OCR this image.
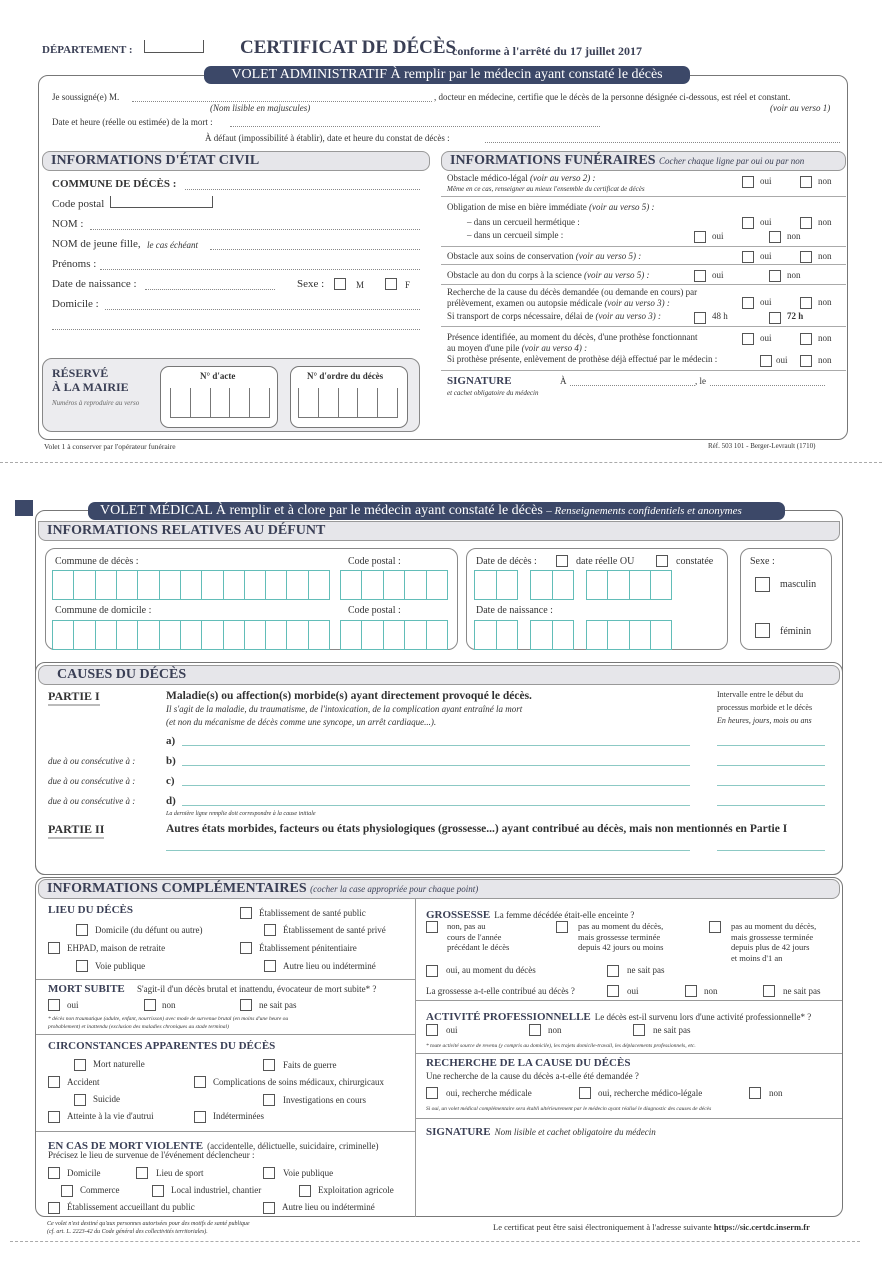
DÉPARTEMENT :	CERTIFICAT DE DÉCÈS
conforme à l'arrêté du 17 juillet 2017
VOLET ADMINISTRATIF À remplir par le médecin ayant constaté le décès
Je soussigné(e) M.	, docteur en médecine, certifie que le décès de la personne désignée ci-dessous, est réel et constant.
(Nom lisible en majuscules)	(voir au verso 1)
Date et heure (réelle ou estimée) de la mort :
À défaut (impossibilité à établir), date et heure du constat de décès :
INFORMATIONS D'ÉTAT CIVIL
COMMUNE DE DÉCÈS :
Code postal
NOM :
NOM de jeune fille, le cas échéant
Prénoms :
Date de naissance :	Sexe :	M	F
Domicile :
RÉSERVÉ
À LA MAIRIE
Numéros à reproduire au verso
N° d'acte	N° d'ordre du décès
INFORMATIONS FUNÉRAIRES Cocher chaque ligne par oui ou par non
Obstacle médico-légal (voir au verso 2) :
Même en ce cas, renseigner au mieux l'ensemble du certificat de décès
oui	non
Obligation de mise en bière immédiate (voir au verso 5) :
– dans un cercueil hermétique :	oui	non
– dans un cercueil simple :	oui	non
Obstacle aux soins de conservation (voir au verso 5) :	oui	non
Obstacle au don du corps à la science (voir au verso 5) :	oui	non
Recherche de la cause du décès demandée (ou demande en cours) par
prélèvement, examen ou autopsie médicale (voir au verso 3) :	oui	non
Si transport de corps nécessaire, délai de (voir au verso 3) :	48 h	72 h
Présence identifiée, au moment du décès, d'une prothèse fonctionnant
au moyen d'une pile (voir au verso 4) :
oui	non
Si prothèse présente, enlèvement de prothèse déjà effectué par le médecin :	oui	non
SIGNATURE	À	, le
et cachet obligatoire du médecin
Volet 1 à conserver par l'opérateur funéraire	Réf. 503 101 - Berger-Levrault (1710)
VOLET MÉDICAL À remplir et à clore par le médecin ayant constaté le décès – Renseignements confidentiels et anonymes
INFORMATIONS RELATIVES AU DÉFUNT
Commune de décès :	Code postal :
Commune de domicile :	Code postal :
Date de décès :	date réelle OU	constatée
Date de naissance :
Sexe :
masculin
féminin
CAUSES DU DÉCÈS
PARTIE I	Maladie(s) ou affection(s) morbide(s) ayant directement provoqué le décès.
Il s'agit de la maladie, du traumatisme, de l'intoxication, de la complication ayant entraîné la mort
(et non du mécanisme de décès comme une syncope, un arrêt cardiaque...).
Intervalle entre le début du
processus morbide et le décès
En heures, jours, mois ou ans
a)
due à ou consécutive à :	b)
due à ou consécutive à :	c)
due à ou consécutive à :	d)
La dernière ligne remplie doit correspondre à la cause initiale
PARTIE II	Autres états morbides, facteurs ou états physiologiques (grossesse...) ayant contribué au décès, mais non mentionnés en Partie I
INFORMATIONS COMPLÉMENTAIRES (cocher la case appropriée pour chaque point)
LIEU DU DÉCÈS	Établissement de santé public
Domicile (du défunt ou autre)	Établissement de santé privé
EHPAD, maison de retraite	Établissement pénitentiaire
Voie publique	Autre lieu ou indéterminé
MORT SUBITE S'agit-il d'un décès brutal et inattendu, évocateur de mort subite* ?
oui	non	ne sait pas
* décès non traumatique (adulte, enfant, nourrisson) avec mode de survenue brutal (en moins d'une heure ou
probablement) et inattendu (exclusion des maladies chroniques au stade terminal)
CIRCONSTANCES APPARENTES DU DÉCÈS
Mort naturelle	Faits de guerre
Accident	Complications de soins médicaux, chirurgicaux
Suicide	Investigations en cours
Atteinte à la vie d'autrui	Indéterminées
EN CAS DE MORT VIOLENTE (accidentelle, délictuelle, suicidaire, criminelle)
Précisez le lieu de survenue de l'événement déclencheur :
Domicile	Lieu de sport	Voie publique
Commerce	Local industriel, chantier	Exploitation agricole
Établissement accueillant du public	Autre lieu ou indéterminé
GROSSESSE La femme décédée était-elle enceinte ?
non, pas au
cours de l'année
précédant le décès
pas au moment du décès,
mais grossesse terminée
depuis 42 jours ou moins
pas au moment du décès,
mais grossesse terminée
depuis plus de 42 jours
et moins d'1 an
oui, au moment du décès	ne sait pas
La grossesse a-t-elle contribué au décès ?	oui	non	ne sait pas
ACTIVITÉ PROFESSIONNELLE Le décès est-il survenu lors d'une activité professionnelle* ?
oui	non	ne sait pas
* toute activité source de revenu (y compris au domicile), les trajets domicile-travail, les déplacements professionnels, etc.
RECHERCHE DE LA CAUSE DU DÉCÈS
Une recherche de la cause du décès a-t-elle été demandée ?
oui, recherche médicale	oui, recherche médico-légale	non
Si oui, un volet médical complémentaire sera établi ultérieurement par le médecin ayant réalisé le diagnostic des causes de décès
SIGNATURE Nom lisible et cachet obligatoire du médecin
Ce volet n'est destiné qu'aux personnes autorisées pour des motifs de santé publique
(cf. art. L. 2223-42 du Code général des collectivités territoriales).	Le certificat peut être saisi électroniquement à l'adresse suivante https://sic.certdc.inserm.fr
